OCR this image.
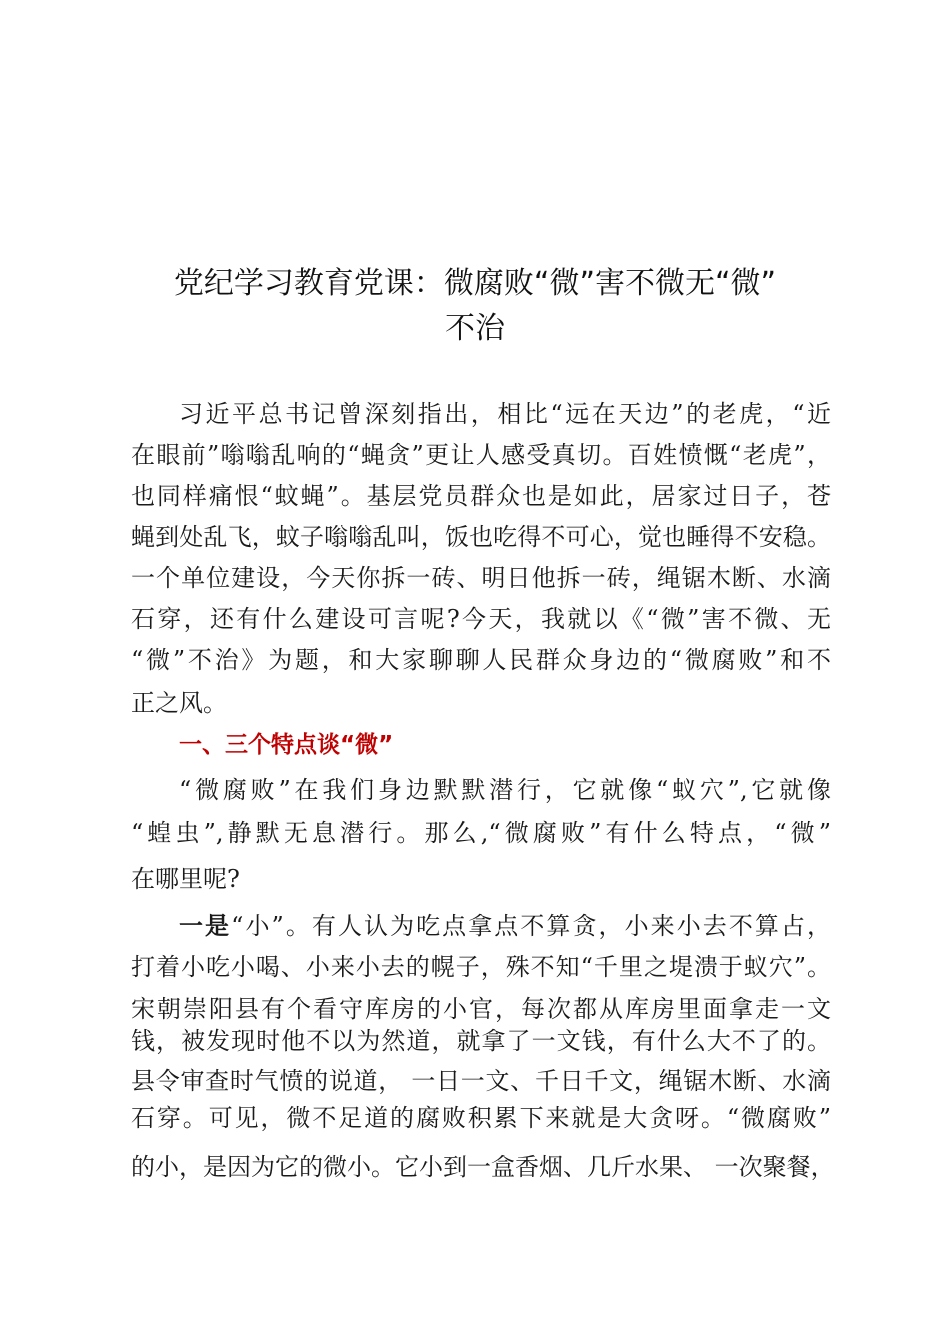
党纪学习教育党课：微腐败“微”害不微无“微”
不治

习近平总书记曾深刻指出，相比“远在天边”的老虎，“近

在眼前”嗡嗡乱响的“蝇贪”更让人感受真切。百姓愤慨“老虎”，

也同样痛恨“蚊蝇”。基层党员群众也是如此，居家过日子，苍

蝇到处乱飞，蚊子嗡嗡乱叫，饭也吃得不可心，觉也睡得不安稳。

一个单位建设，今天你拆一砖、明日他拆一砖，绳锯木断、水滴

石穿，还有什么建设可言呢?今天，我就以《“微”害不微、无

“微”不治》为题，和大家聊聊人民群众身边的“微腐败”和不

正之风。

一、三个特点谈“微”

“微腐败”在我们身边默默潜行，它就像“蚁穴”,它就像

“蝗虫”,静默无息潜行。那么,“微腐败”有什么特点，“微”

在哪里呢?

一是“小”。有人认为吃点拿点不算贪，小来小去不算占，

打着小吃小喝、小来小去的幌子，殊不知“千里之堤溃于蚁穴”。

宋朝崇阳县有个看守库房的小官，每次都从库房里面拿走一文

钱，被发现时他不以为然道，就拿了一文钱，有什么大不了的。

县令审查时气愤的说道， 一日一文、千日千文，绳锯木断、水滴

石穿。可见，微不足道的腐败积累下来就是大贪呀。“微腐败”

的小，是因为它的微小。它小到一盒香烟、几斤水果、 一次聚餐，
